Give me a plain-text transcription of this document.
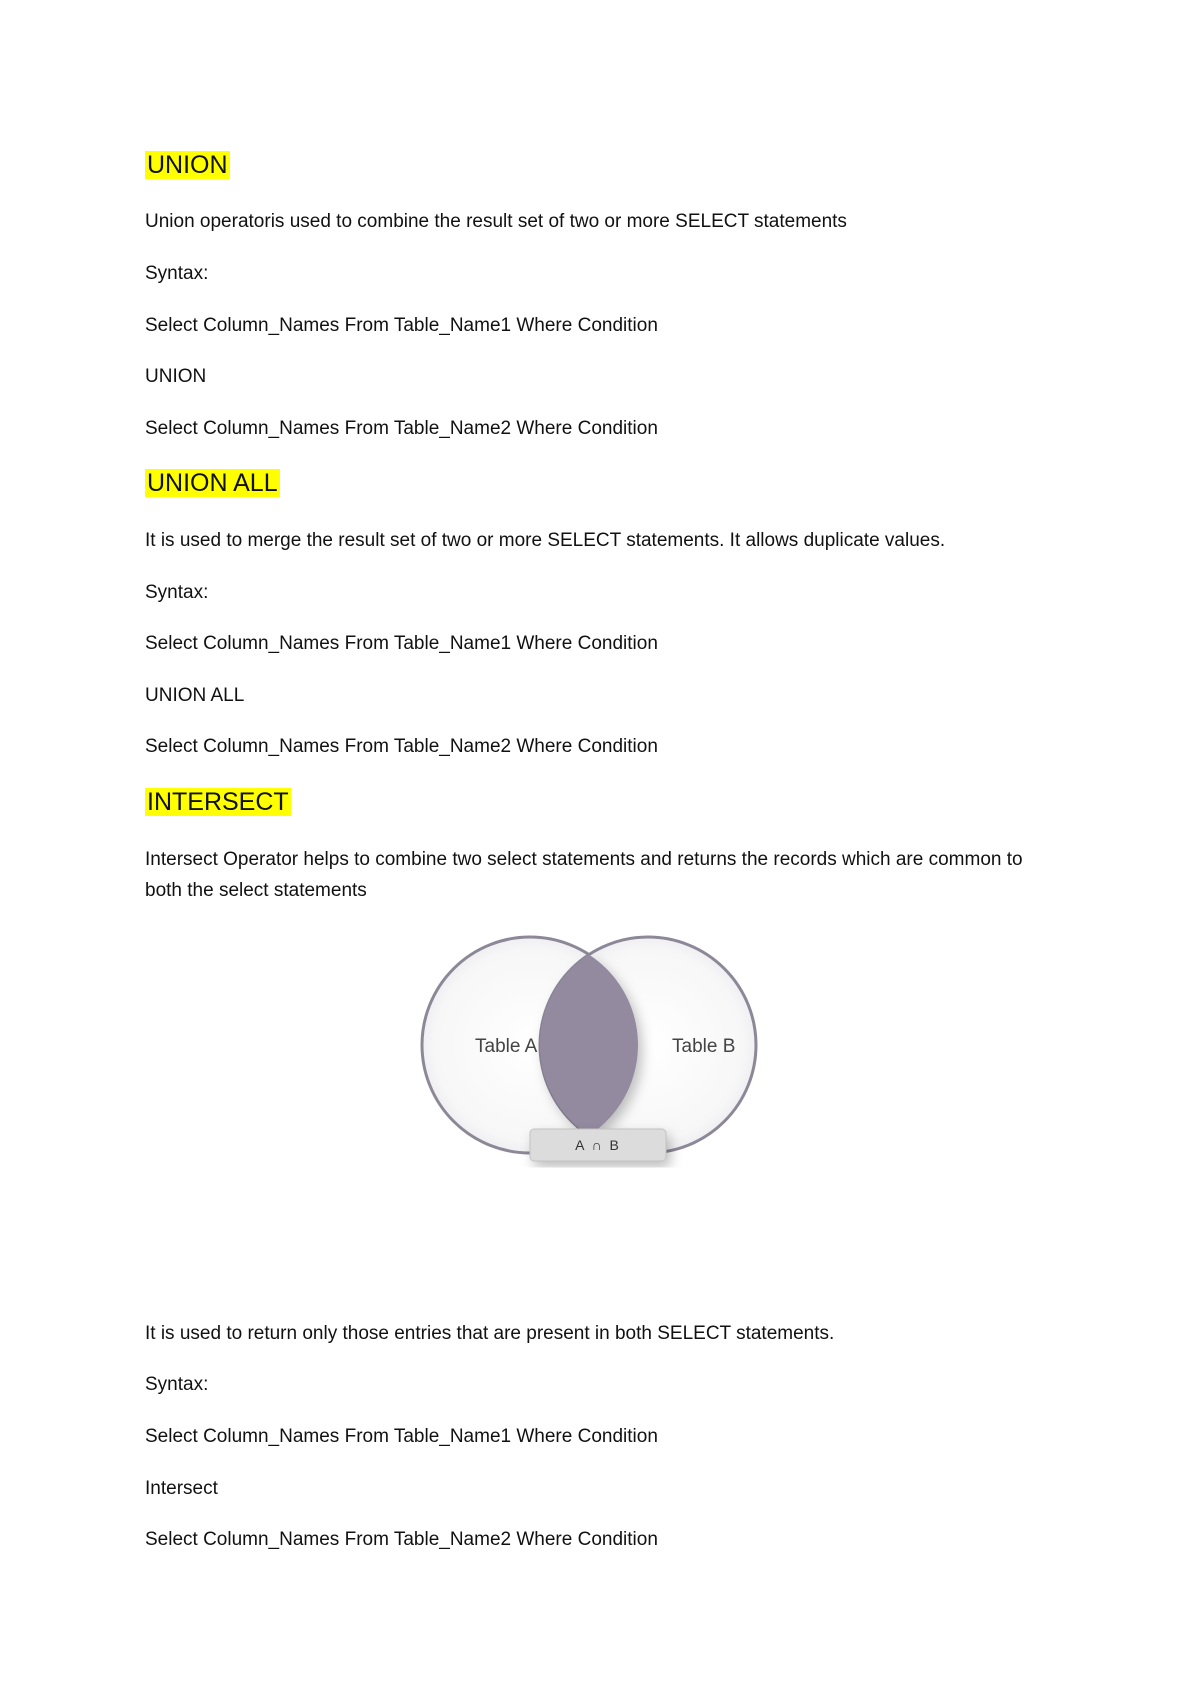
UNION
Union operatoris used to combine the result set of two or more SELECT statements
Syntax:
Select Column_Names From Table_Name1 Where Condition
UNION
Select Column_Names From Table_Name2 Where Condition
UNION ALL
It is used to merge the result set of two or more SELECT statements. It allows duplicate values.
Syntax:
Select Column_Names From Table_Name1 Where Condition
UNION ALL
Select Column_Names From Table_Name2 Where Condition
INTERSECT
Intersect Operator helps to combine two select statements and returns the records which are common to both the select statements
Table A	Table B
A ∩ B
It is used to return only those entries that are present in both SELECT statements.
Syntax:
Select Column_Names From Table_Name1 Where Condition
Intersect
Select Column_Names From Table_Name2 Where Condition
